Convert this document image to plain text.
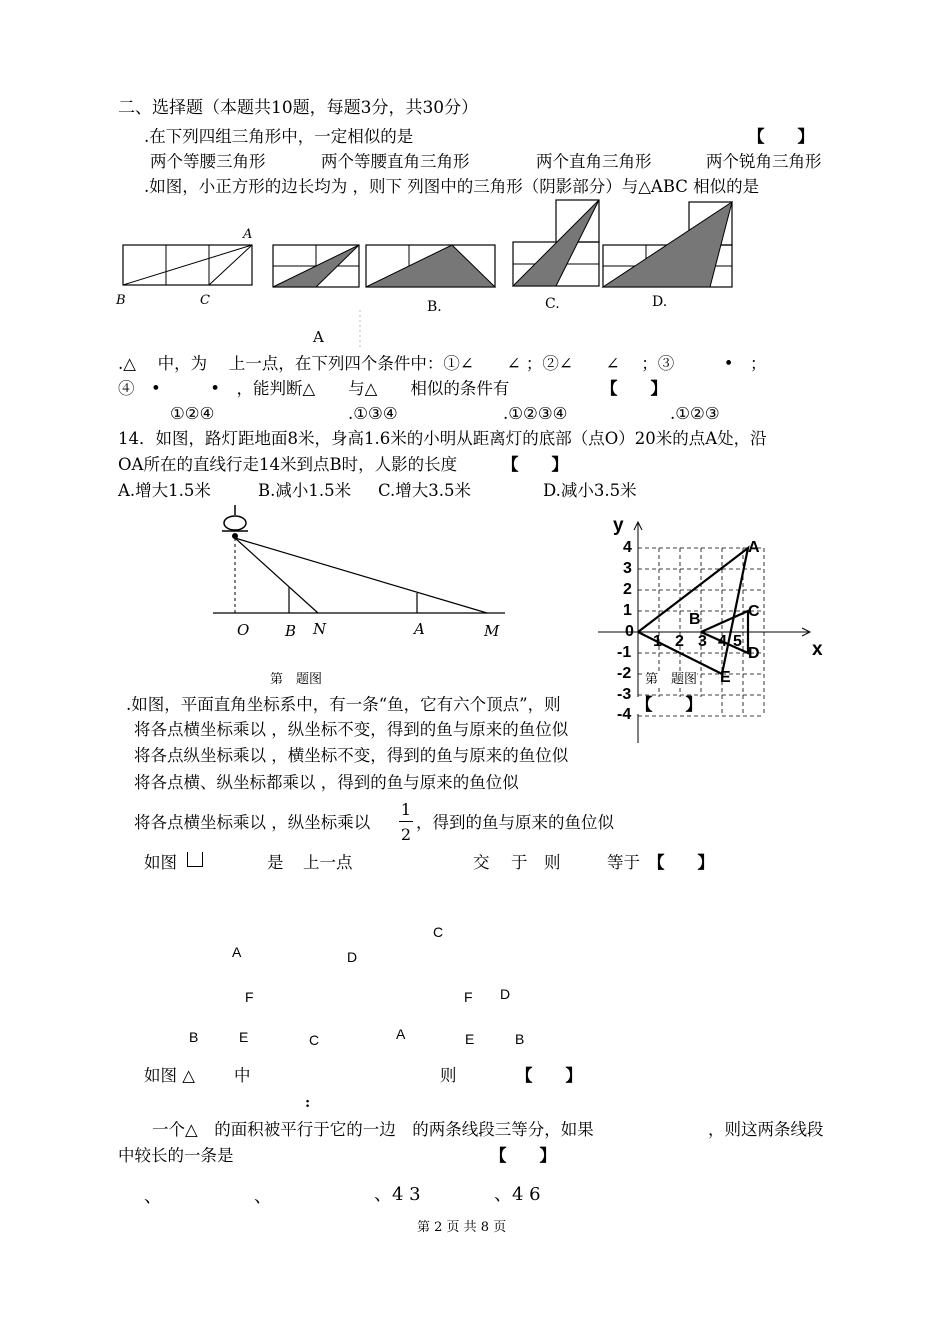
二、选择题（本题共10题，每题3分，共30分）
.在下列四组三角形中，一定相似的是	【　　】
两个等腰三角形	两个等腰直角三角形	两个直角三角形	两个锐角三角形
.如图，小正方形的边长均为 ，则下 列图中的三角形（阴影部分）与△ABC 相似的是
A
B	C
A
B.	C.	D.
.△　 中，为　 上一点，在下列四个条件中：①∠　　∠ ；②∠　　∠　 ；③　　　•　；
④　•　　　•　，能判断△　　与△　　相似的条件有	【　　】
①②④	.①③④	.①②③④	.①②③
14．如图，路灯距地面8米，身高1.6米的小明从距离灯的底部（点O）20米的点A处，沿
OA所在的直线行走14米到点B时，人影的长度	【　　】
A.增大1.5米	B.减小1.5米 C.增大3.5米	D.减小3.5米
O B N	A	M
第　题图
y
x
4
3
2
1
0
-1
-2
-3
-4
1 2 3 4 5
A
B	C
D
E
第　题图
.如图，平面直角坐标系中，有一条“鱼，它有六个顶点”，则	【　　】
将各点横坐标乘以 ，纵坐标不变，得到的鱼与原来的鱼位似
将各点纵坐标乘以 ，横坐标不变，得到的鱼与原来的鱼位似
将各点横、纵坐标都乘以 ，得到的鱼与原来的鱼位似
将各点横坐标乘以 ，纵坐标乘以
1
2
，得到的鱼与原来的鱼位似
如图	是 上一点	交 于 则	等于 【　　】
A	D
F
B	E	C
C
F D
A	E	B
如图 △ 中	则	【　　】
:
一个△　的面积被平行于它的一边　的两条线段三等分，如果	，则这两条线段
中较长的一条是	【　　】
、	、	、4 3	、4 6
第 2 页 共 8 页
